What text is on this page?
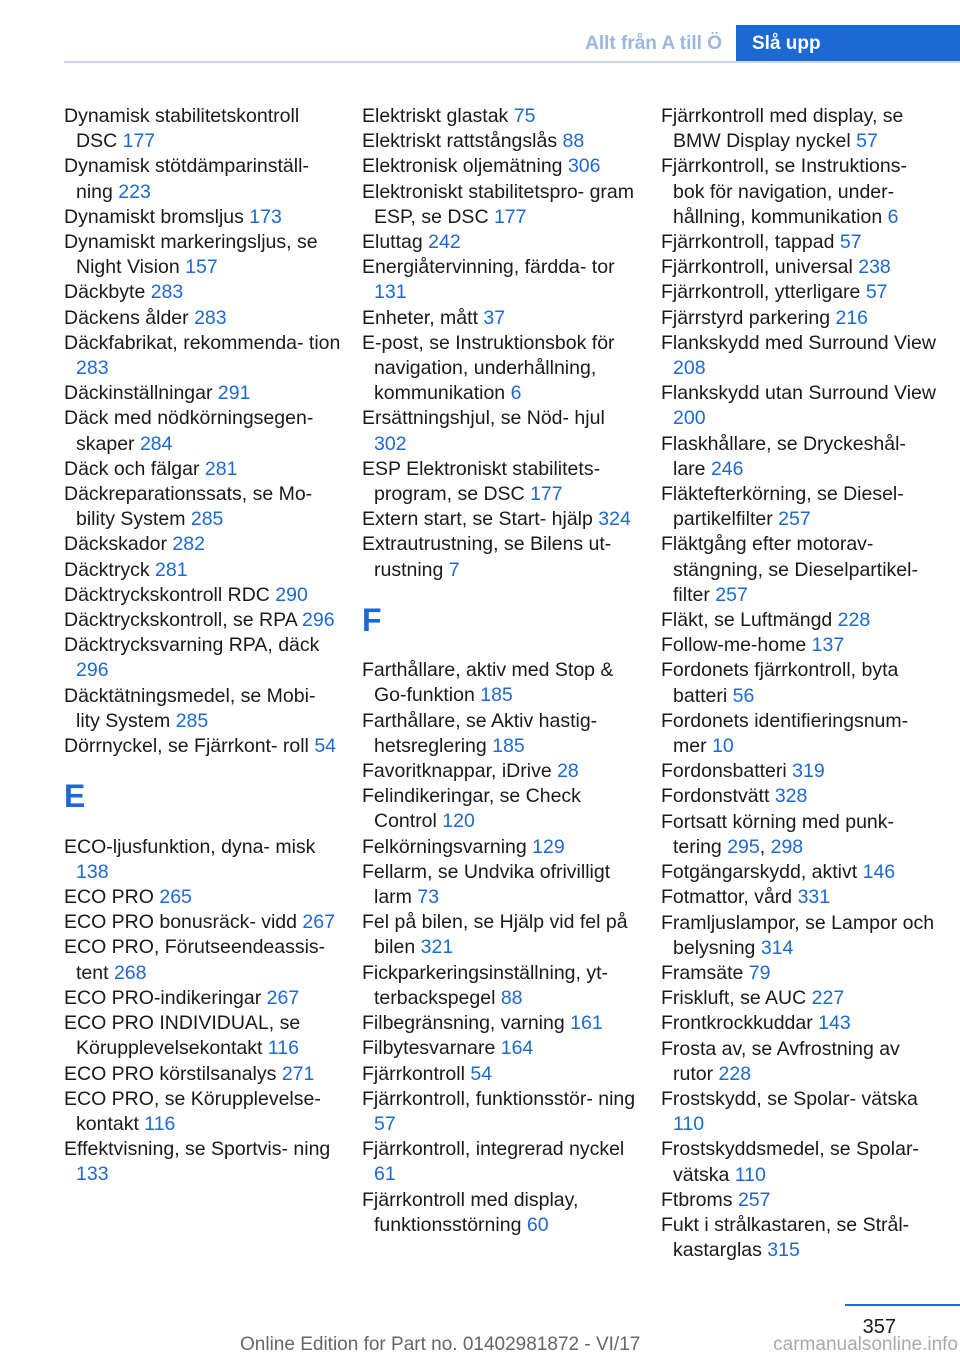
Allt från A till Ö	Slå upp
Dynamisk stabilitetskontroll DSC 177
Dynamisk stötdämparinställ‐ ning 223
Dynamiskt bromsljus 173
Dynamiskt markeringsljus, se Night Vision 157
Däckbyte 283
Däckens ålder 283
Däckfabrikat, rekommenda‐ tion 283
Däckinställningar 291
Däck med nödkörningsegen‐ skaper 284
Däck och fälgar 281
Däckreparationssats, se Mo‐ bility System 285
Däckskador 282
Däcktryck 281
Däcktryckskontroll RDC 290
Däcktryckskontroll, se RPA 296
Däcktrycksvarning RPA, däck 296
Däcktätningsmedel, se Mobi‐ lity System 285
Dörrnyckel, se Fjärrkont‐ roll 54
E
ECO-ljusfunktion, dyna‐ misk 138
ECO PRO 265
ECO PRO bonusräck‐ vidd 267
ECO PRO, Förutseendeassis‐ tent 268
ECO PRO-indikeringar 267
ECO PRO INDIVIDUAL, se Körupplevelsekontakt 116
ECO PRO körstilsanalys 271
ECO PRO, se Körupplevelse‐ kontakt 116
Effektvisning, se Sportvis‐ ning 133
Elektriskt glastak 75
Elektriskt rattstångslås 88
Elektronisk oljemätning 306
Elektroniskt stabilitetspro‐ gram ESP, se DSC 177
Eluttag 242
Energiåtervinning, färdda‐ tor 131
Enheter, mått 37
E-post, se Instruktionsbok för navigation, underhållning, kommunikation 6
Ersättningshjul, se Nöd‐ hjul 302
ESP Elektroniskt stabilitets‐ program, se DSC 177
Extern start, se Start‐ hjälp 324
Extrautrustning, se Bilens ut‐ rustning 7
F
Farthållare, aktiv med Stop & Go-funktion 185
Farthållare, se Aktiv hastig‐ hetsreglering 185
Favoritknappar, iDrive 28
Felindikeringar, se Check Control 120
Felkörningsvarning 129
Fellarm, se Undvika ofrivilligt larm 73
Fel på bilen, se Hjälp vid fel på bilen 321
Fickparkeringsinställning, yt‐ terbackspegel 88
Filbegränsning, varning 161
Filbytesvarnare 164
Fjärrkontroll 54
Fjärrkontroll, funktionsstör‐ ning 57
Fjärrkontroll, integrerad nyckel 61
Fjärrkontroll med display, funktionsstörning 60
Fjärrkontroll med display, se BMW Display nyckel 57
Fjärrkontroll, se Instruktions‐ bok för navigation, under‐ hållning, kommunikation 6
Fjärrkontroll, tappad 57
Fjärrkontroll, universal 238
Fjärrkontroll, ytterligare 57
Fjärrstyrd parkering 216
Flankskydd med Surround View 208
Flankskydd utan Surround View 200
Flaskhållare, se Dryckeshål‐ lare 246
Fläktefterkörning, se Diesel‐ partikelfilter 257
Fläktgång efter motorav‐ stängning, se Dieselpartikel‐ filter 257
Fläkt, se Luftmängd 228
Follow-me-home 137
Fordonets fjärrkontroll, byta batteri 56
Fordonets identifieringsnum‐ mer 10
Fordonsbatteri 319
Fordonstvätt 328
Fortsatt körning med punk‐ tering 295, 298
Fotgängarskydd, aktivt 146
Fotmattor, vård 331
Framljuslampor, se Lampor och belysning 314
Framsäte 79
Friskluft, se AUC 227
Frontkrockkuddar 143
Frosta av, se Avfrostning av rutor 228
Frostskydd, se Spolar‐ vätska 110
Frostskyddsmedel, se Spolar‐ vätska 110
Ftbroms 257
Fukt i strålkastaren, se Strål‐ kastarglas 315
357
Online Edition for Part no. 01402981872 - VI/17	carmanualsonline.info
